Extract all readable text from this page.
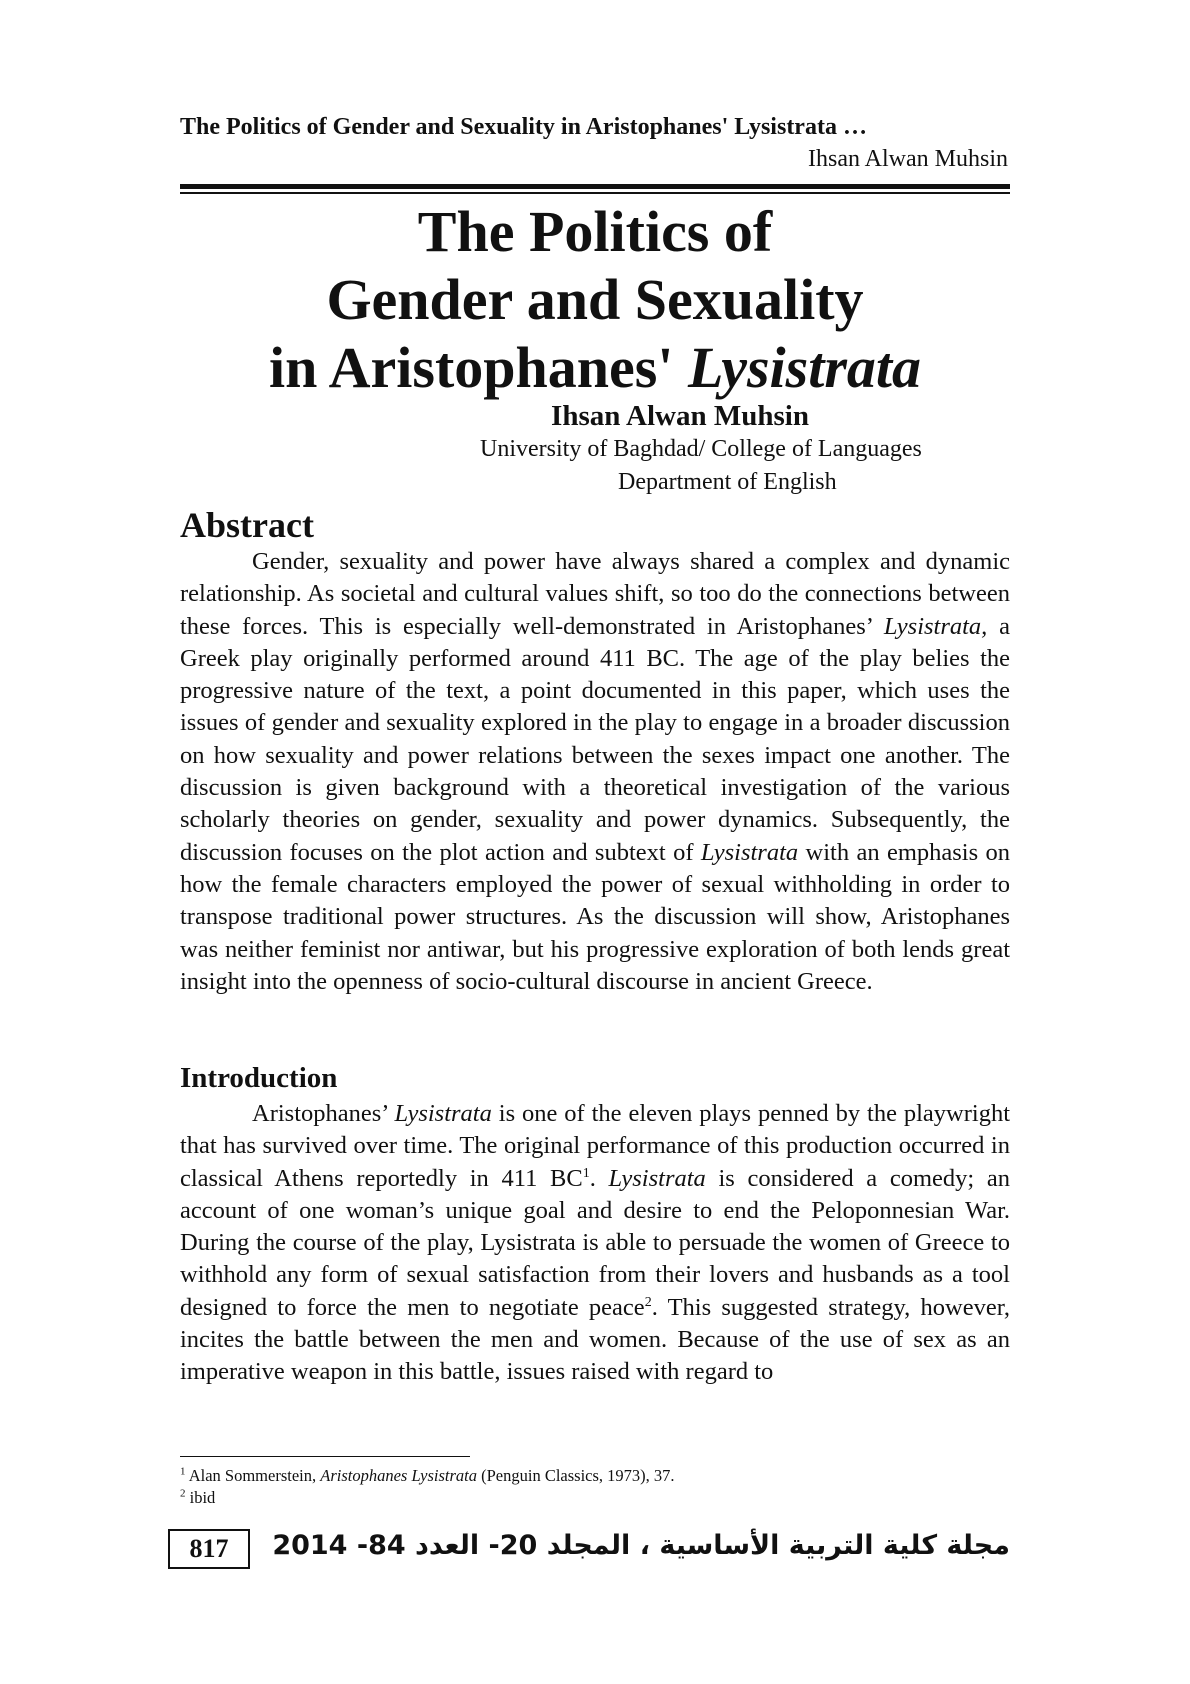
The Politics of Gender and Sexuality in Aristophanes' Lysistrata …
Ihsan Alwan Muhsin
The Politics of
Gender and Sexuality
in Aristophanes' Lysistrata
Ihsan Alwan Muhsin
University of Baghdad/ College of Languages
Department of English
Abstract

Gender, sexuality and power have always shared a complex and dynamic relationship. As societal and cultural values shift, so too do the connections between these forces. This is especially well-demonstrated in Aristophanes’ Lysistrata, a Greek play originally performed around 411 BC. The age of the play belies the progressive nature of the text, a point documented in this paper, which uses the issues of gender and sexuality explored in the play to engage in a broader discussion on how sexuality and power relations between the sexes impact one another. The discussion is given background with a theoretical investigation of the various scholarly theories on gender, sexuality and power dynamics. Subsequently, the discussion focuses on the plot action and subtext of Lysistrata with an emphasis on how the female characters employed the power of sexual withholding in order to transpose traditional power structures. As the discussion will show, Aristophanes was neither feminist nor antiwar, but his progressive exploration of both lends great insight into the openness of socio-cultural discourse in ancient Greece.

Introduction

Aristophanes’ Lysistrata is one of the eleven plays penned by the playwright that has survived over time. The original performance of this production occurred in classical Athens reportedly in 411 $BC^1$. Lysistrata is considered a comedy; an account of one woman’s unique goal and desire to end the Peloponnesian War. During the course of the play, Lysistrata is able to persuade the women of Greece to withhold any form of sexual satisfaction from their lovers and husbands as a tool designed to force the men to negotiate peace$^2$. This suggested strategy, however, incites the battle between the men and women. Because of the use of sex as an imperative weapon in this battle, issues raised with regard to

$^1$ Alan Sommerstein, Aristophanes Lysistrata (Penguin Classics, 1973), 37.
$^2$ ibid
817	مجلة كلية التربية الأساسية ، المجلد 20- العدد 84- 2014
